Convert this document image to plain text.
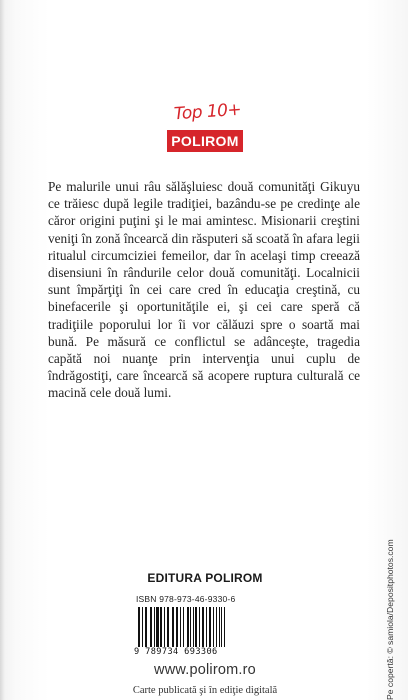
Top 10+
POLIROM

Pe malurile unui râu sălăşluiesc două comunităţi Gikuyu ce trăiesc după legile tradiţiei, bazându-se pe credinţe ale căror origini puţini şi le mai amintesc. Misionarii creştini veniţi în zonă încearcă din răsputeri să scoată în afara legii ritualul circumciziei femeilor, dar în acelaşi timp creează disensiuni în rândurile celor două comunităţi. Localnicii sunt împărţiţi în cei care cred în educaţia creştină, cu binefacerile şi oportunităţile ei, şi cei care speră că tradiţiile poporului lor îi vor călăuzi spre o soartă mai bună. Pe măsură ce conflictul se adânceşte, tragedia capătă noi nuanţe prin intervenţia unui cuplu de îndrăgostiţi, care încearcă să acopere ruptura culturală ce macină cele două lumi.

Pe copertă: © samiola/Depositphotos.com
EDITURA POLIROM
ISBN 978-973-46-9330-6
9 789734 693306
www.polirom.ro
Carte publicată şi în ediţie digitală
